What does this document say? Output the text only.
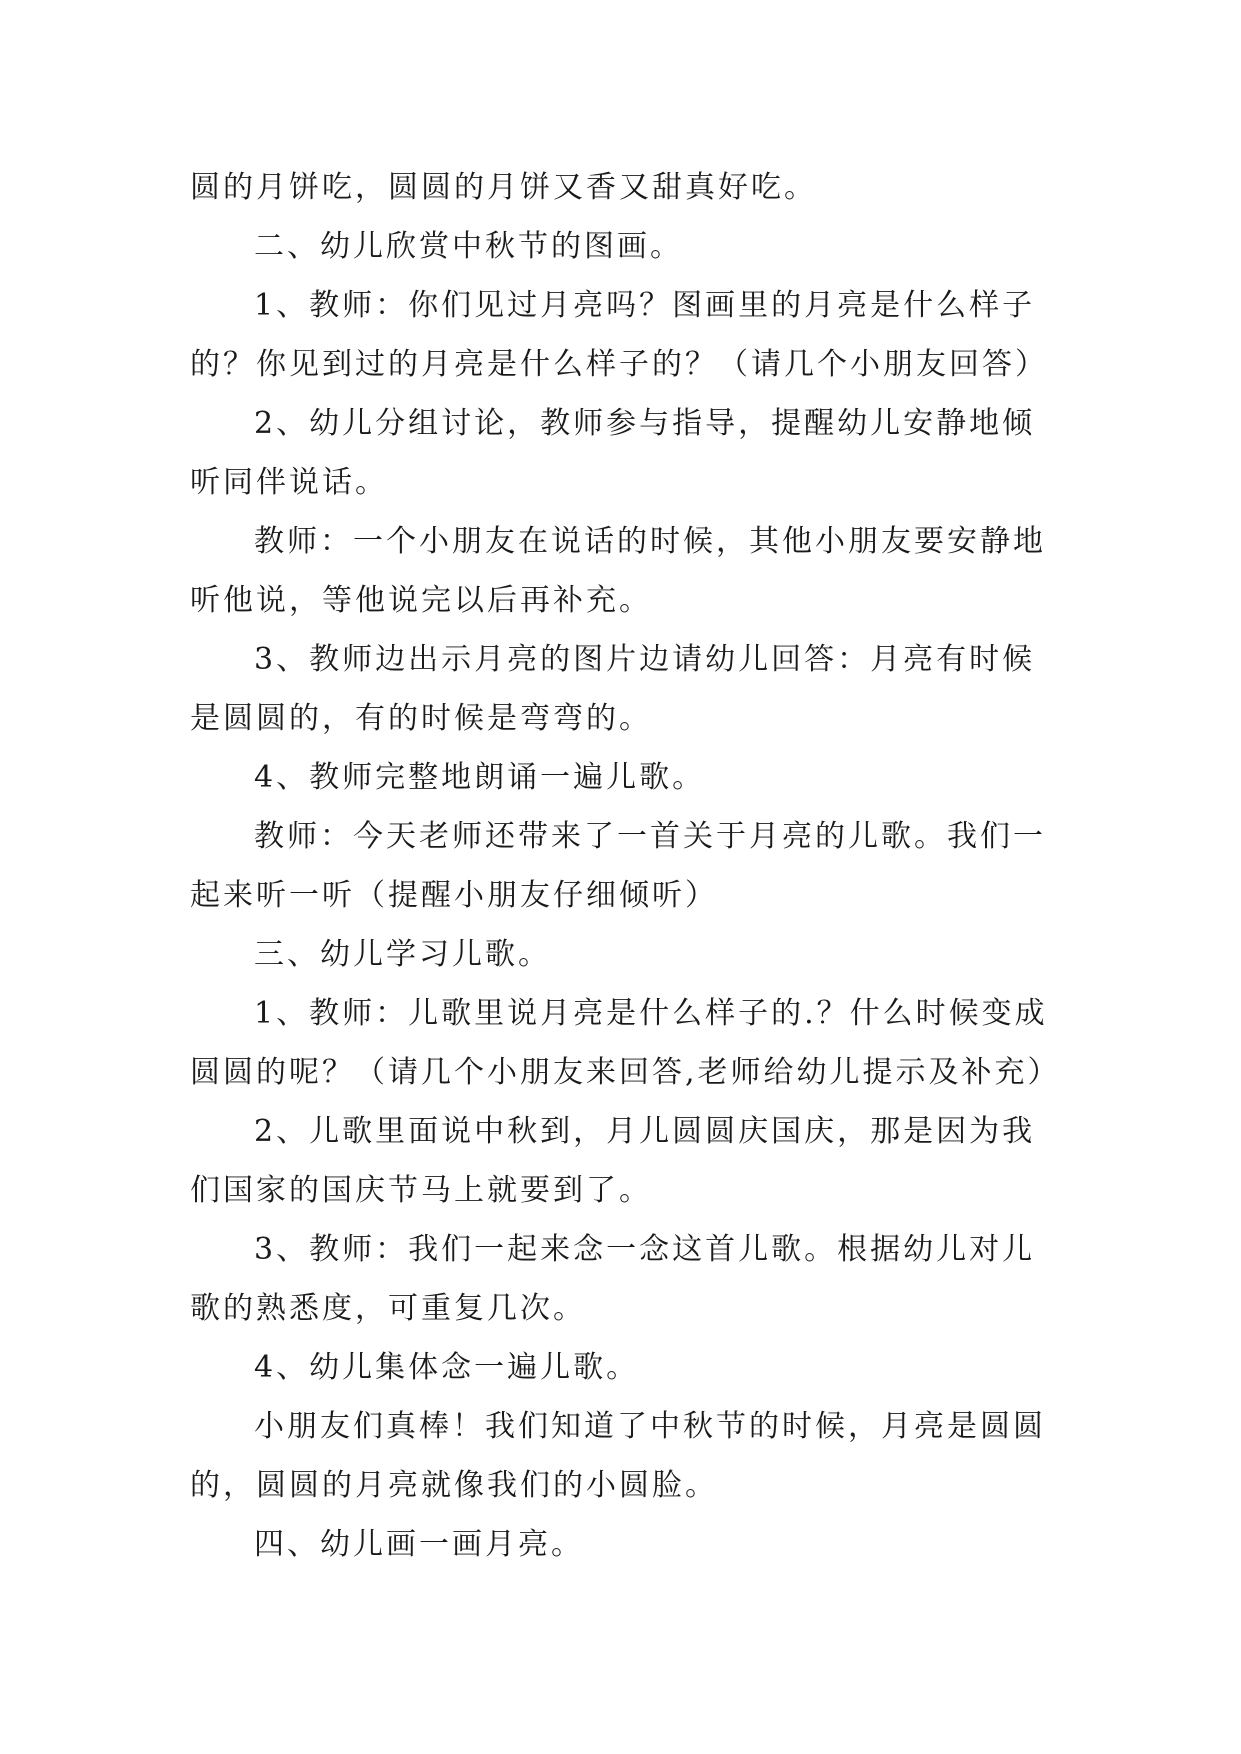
圆的月饼吃，圆圆的月饼又香又甜真好吃。
二、幼儿欣赏中秋节的图画。
1、教师：你们见过月亮吗？图画里的月亮是什么样子
的？你见到过的月亮是什么样子的？（请几个小朋友回答）
2、幼儿分组讨论，教师参与指导，提醒幼儿安静地倾
听同伴说话。
教师：一个小朋友在说话的时候，其他小朋友要安静地
听他说，等他说完以后再补充。
3、教师边出示月亮的图片边请幼儿回答：月亮有时候
是圆圆的，有的时候是弯弯的。
4、教师完整地朗诵一遍儿歌。
教师：今天老师还带来了一首关于月亮的儿歌。我们一
起来听一听（提醒小朋友仔细倾听）
三、幼儿学习儿歌。
1、教师：儿歌里说月亮是什么样子的.？什么时候变成
圆圆的呢？（请几个小朋友来回答,老师给幼儿提示及补充）
2、儿歌里面说中秋到，月儿圆圆庆国庆，那是因为我
们国家的国庆节马上就要到了。
3、教师：我们一起来念一念这首儿歌。根据幼儿对儿
歌的熟悉度，可重复几次。
4、幼儿集体念一遍儿歌。
小朋友们真棒！我们知道了中秋节的时候，月亮是圆圆
的，圆圆的月亮就像我们的小圆脸。
四、幼儿画一画月亮。
